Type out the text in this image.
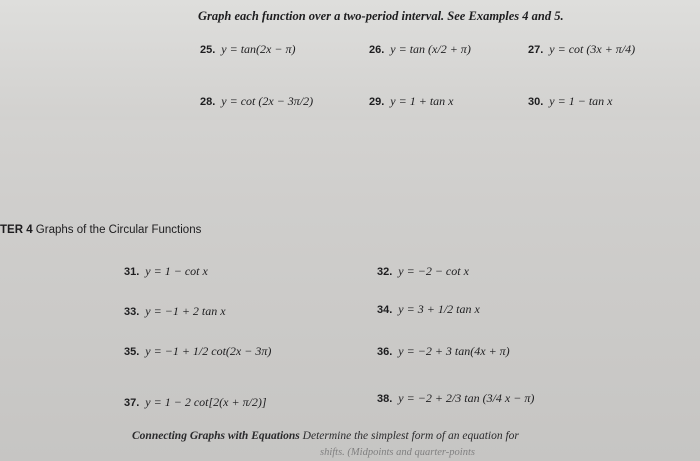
Graph each function over a two-period interval. See Examples 4 and 5.
25. y = tan(2x − π)	26. y = tan (x/2 + π)	27. y = cot (3x + π/4)
28. y = cot (2x − 3π/2)	29. y = 1 + tan x	30. y = 1 − tan x
TER 4 Graphs of the Circular Functions
31. y = 1 − cot x	32. y = −2 − cot x
33. y = −1 + 2 tan x	34. y = 3 + 1/2 tan x
35. y = −1 + 1/2 cot(2x − 3π)	36. y = −2 + 3 tan(4x + π)
37. y = 1 − 2 cot[2(x + π/2)]	38. y = −2 + 2/3 tan (3/4 x − π)
Connecting Graphs with Equations Determine the simplest form of an equation for
shifts. (Midpoints and quarter-points
